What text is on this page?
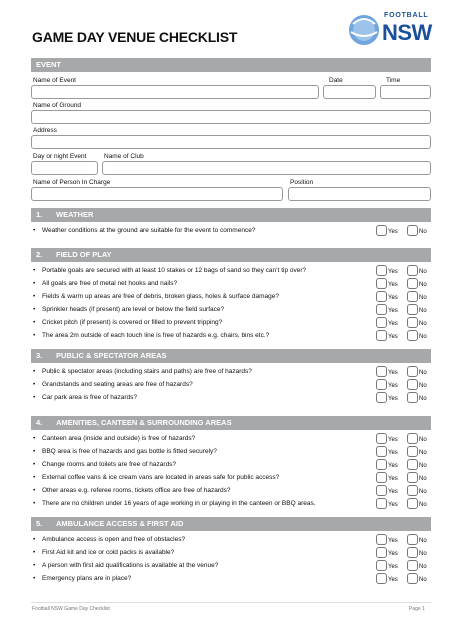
GAME DAY VENUE CHECKLIST
FOOTBALL
NSW
EVENT
Name of Event	Date	Time
Name of Ground
Address
Day or night Event	Name of Club
Name of Person In Charge	Position
1. WEATHER
• Weather conditions at the ground are suitable for the event to commence?	Yes	No
2. FIELD OF PLAY
• Portable goals are secured with at least 10 stakes or 12 bags of sand so they can’t tip over?	Yes	No
• All goals are free of metal net hooks and nails?	Yes	No
• Fields & warm up areas are free of debris, broken glass, holes & surface damage?	Yes	No
• Sprinkler heads (if present) are level or below the field surface?	Yes	No
• Cricket pitch (if present) is covered or filled to prevent tripping?	Yes	No
• The area 2m outside of each touch line is free of hazards e.g. chairs, bins etc.?	Yes	No
3. PUBLIC & SPECTATOR AREAS
• Public & spectator areas (including stairs and paths) are free of hazards?	Yes	No
• Grandstands and seating areas are free of hazards?	Yes	No
• Car park area is free of hazards?	Yes	No
4. AMENITIES, CANTEEN & SURROUNDING AREAS
• Canteen area (inside and outside) is free of hazards?	Yes	No
• BBQ area is free of hazards and gas bottle is fitted securely?	Yes	No
• Change rooms and toilets are free of hazards?	Yes	No
• External coffee vans & ice cream vans are located in areas safe for public access?	Yes	No
• Other areas e.g. referee rooms, tickets office are free of hazards?	Yes	No
• There are no children under 16 years of age working in or playing in the canteen or BBQ areas.	Yes	No
5. AMBULANCE ACCESS & FIRST AID
• Ambulance access is open and free of obstacles?	Yes	No
• First Aid kit and ice or cold packs is available?	Yes	No
• A person with first aid qualifications is available at the venue?	Yes	No
• Emergency plans are in place?	Yes	No
Football NSW Game Day Checklist	Page 1
